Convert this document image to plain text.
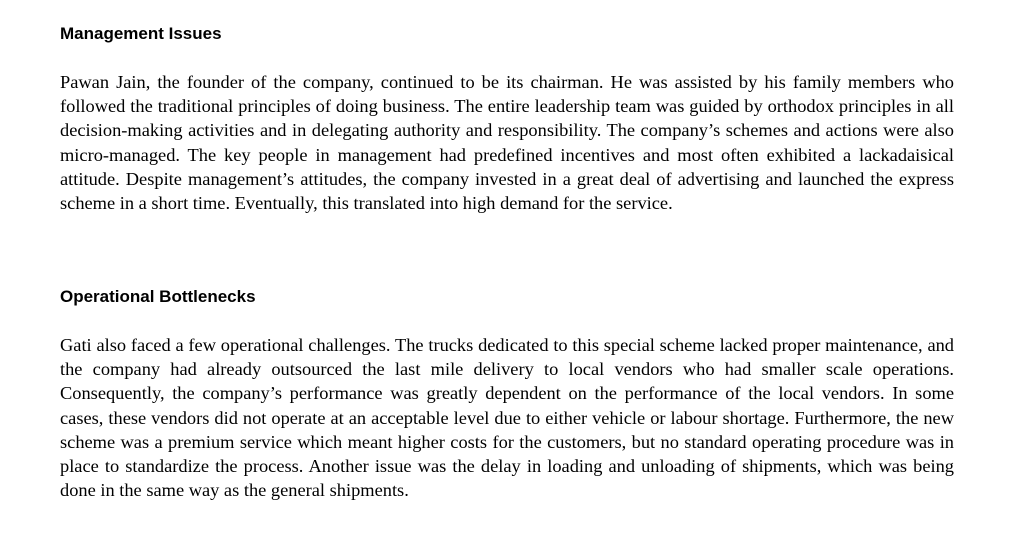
Management Issues

Pawan Jain, the founder of the company, continued to be its chairman. He was assisted by his family members who followed the traditional principles of doing business. The entire leadership team was guided by orthodox principles in all decision-making activities and in delegating authority and responsibility. The company’s schemes and actions were also micro-managed. The key people in management had predefined incentives and most often exhibited a lackadaisical attitude. Despite management’s attitudes, the company invested in a great deal of advertising and launched the express scheme in a short time. Eventually, this translated into high demand for the service.

Operational Bottlenecks

Gati also faced a few operational challenges. The trucks dedicated to this special scheme lacked proper maintenance, and the company had already outsourced the last mile delivery to local vendors who had smaller scale operations. Consequently, the company’s performance was greatly dependent on the performance of the local vendors. In some cases, these vendors did not operate at an acceptable level due to either vehicle or labour shortage. Furthermore, the new scheme was a premium service which meant higher costs for the customers, but no standard operating procedure was in place to standardize the process. Another issue was the delay in loading and unloading of shipments, which was being done in the same way as the general shipments.
